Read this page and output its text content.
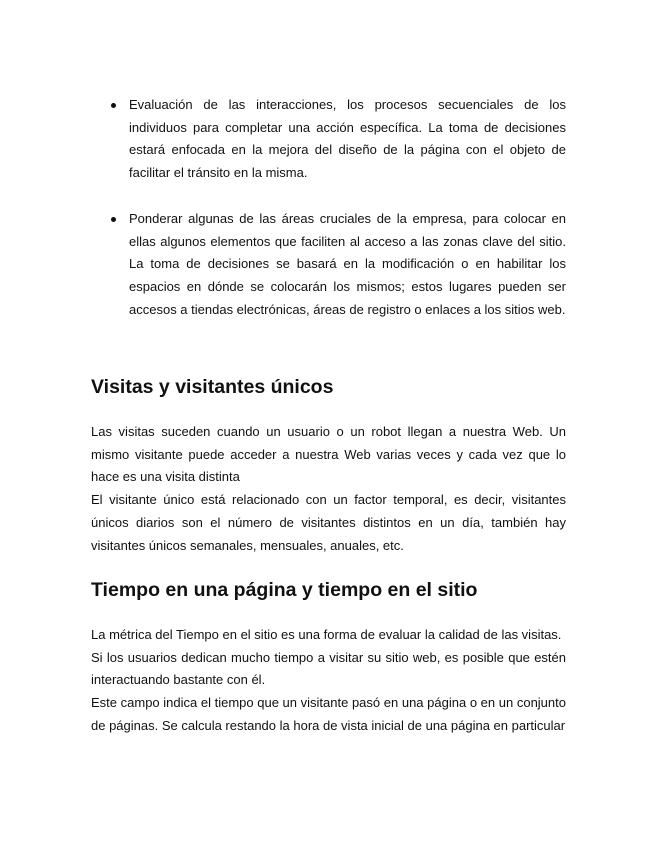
Evaluación de las interacciones, los procesos secuenciales de los individuos para completar una acción específica. La toma de decisiones estará enfocada en la mejora del diseño de la página con el objeto de facilitar el tránsito en la misma.
Ponderar algunas de las áreas cruciales de la empresa, para colocar en ellas algunos elementos que faciliten al acceso a las zonas clave del sitio. La toma de decisiones se basará en la modificación o en habilitar los espacios en dónde se colocarán los mismos; estos lugares pueden ser accesos a tiendas electrónicas, áreas de registro o enlaces a los sitios web.
Visitas y visitantes únicos

Las visitas suceden cuando un usuario o un robot llegan a nuestra Web. Un mismo visitante puede acceder a nuestra Web varias veces y cada vez que lo hace es una visita distinta

El visitante único está relacionado con un factor temporal, es decir, visitantes únicos diarios son el número de visitantes distintos en un día, también hay visitantes únicos semanales, mensuales, anuales, etc.

Tiempo en una página y tiempo en el sitio

La métrica del Tiempo en el sitio es una forma de evaluar la calidad de las visitas.

Si los usuarios dedican mucho tiempo a visitar su sitio web, es posible que estén interactuando bastante con él.

Este campo indica el tiempo que un visitante pasó en una página o en un conjunto de páginas. Se calcula restando la hora de vista inicial de una página en particular
